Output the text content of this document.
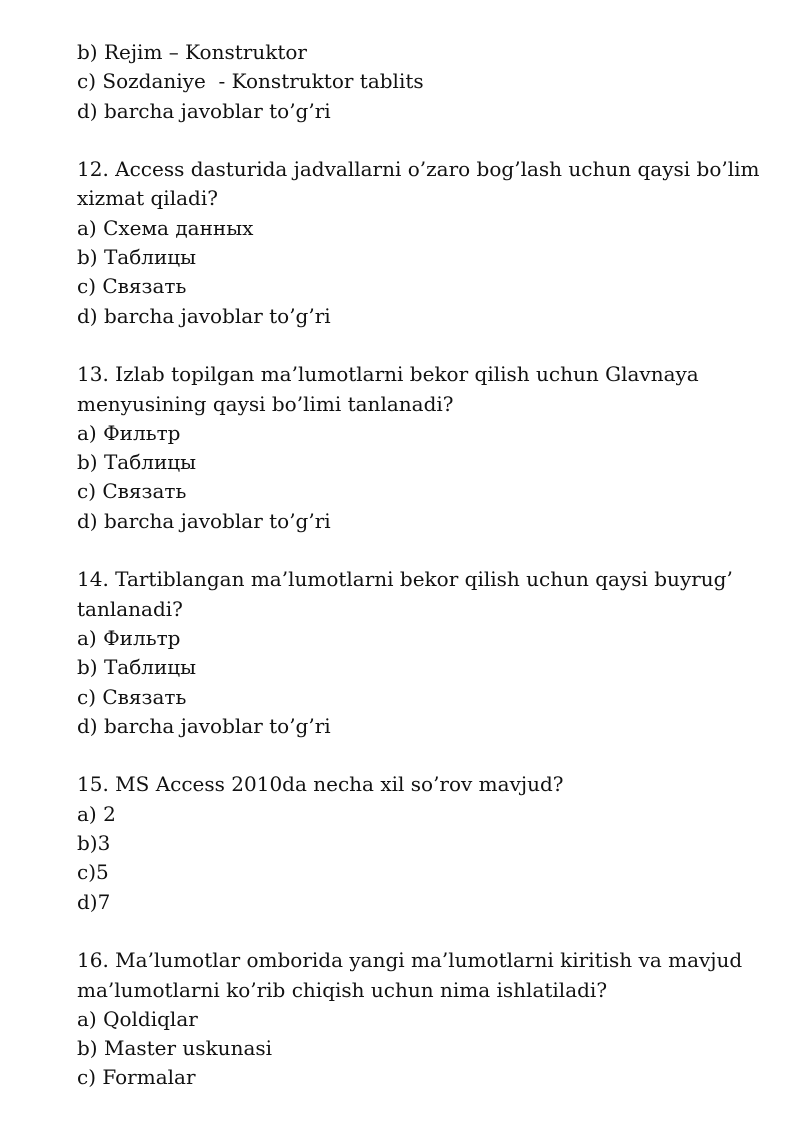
b) Rejim – Konstruktor

c) Sozdaniye  - Konstruktor tablits

d) barcha javoblar to’g’ri

12. Access dasturida jadvallarni o’zaro bog’lash uchun qaysi bo’lim

xizmat qiladi?

a) Схема данных

b) Таблицы

c) Связать

d) barcha javoblar to’g’ri

13. Izlab topilgan ma’lumotlarni bekor qilish uchun Glavnaya

menyusining qaysi bo’limi tanlanadi?

a) Фильтр

b) Таблицы

c) Связать

d) barcha javoblar to’g’ri

14. Tartiblangan ma’lumotlarni bekor qilish uchun qaysi buyrug’

tanlanadi?

a) Фильтр

b) Таблицы

c) Связать

d) barcha javoblar to’g’ri

15. MS Access 2010da necha xil so’rov mavjud?

a) 2

b)3

c)5

d)7

16. Ma’lumotlar omborida yangi ma’lumotlarni kiritish va mavjud

ma’lumotlarni ko’rib chiqish uchun nima ishlatiladi?

a) Qoldiqlar

b) Master uskunasi

c) Formalar
